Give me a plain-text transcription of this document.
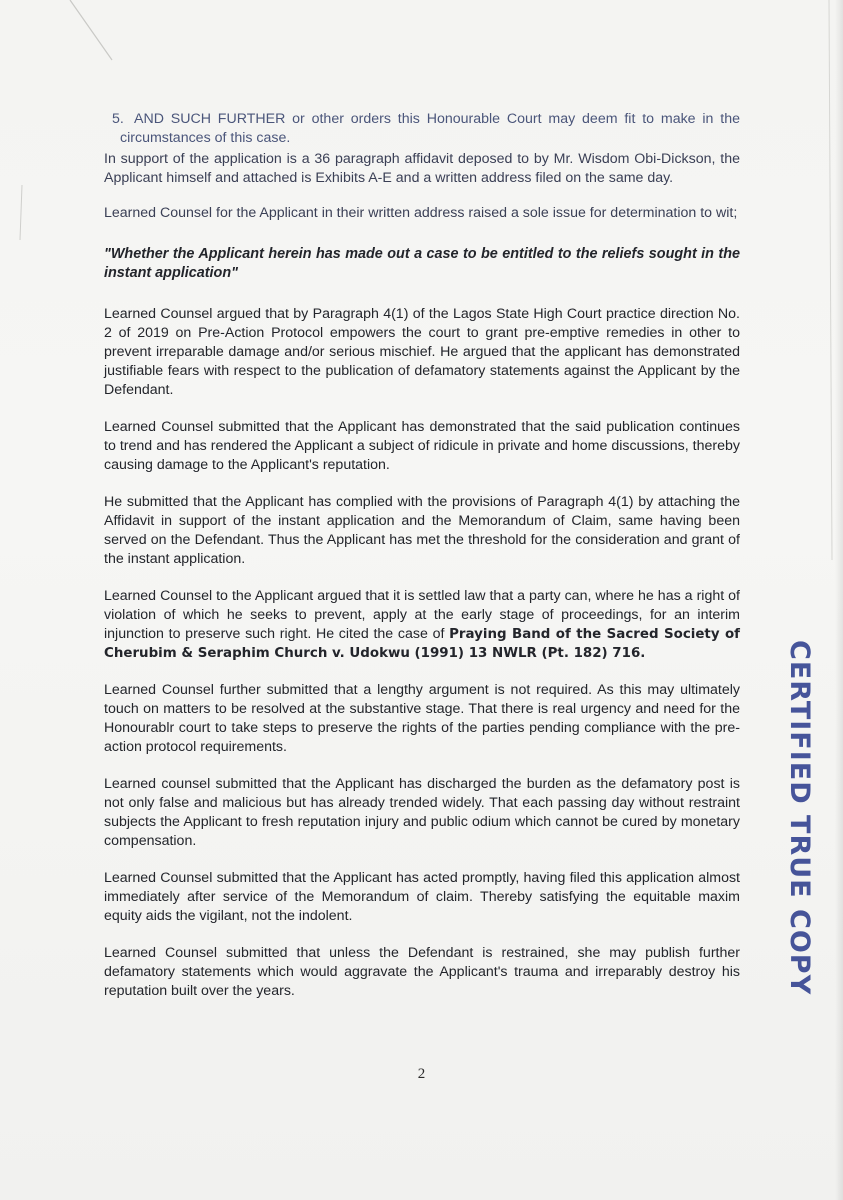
5. AND SUCH FURTHER or other orders this Honourable Court may deem fit to make in the circumstances of this case.

In support of the application is a 36 paragraph affidavit deposed to by Mr. Wisdom Obi-Dickson, the Applicant himself and attached is Exhibits A-E and a written address filed on the same day.

Learned Counsel for the Applicant in their written address raised a sole issue for determination to wit;

"Whether the Applicant herein has made out a case to be entitled to the reliefs sought in the instant application"

Learned Counsel argued that by Paragraph 4(1) of the Lagos State High Court practice direction No. 2 of 2019 on Pre-Action Protocol empowers the court to grant pre-emptive remedies in other to prevent irreparable damage and/or serious mischief. He argued that the applicant has demonstrated justifiable fears with respect to the publication of defamatory statements against the Applicant by the Defendant.

Learned Counsel submitted that the Applicant has demonstrated that the said publication continues to trend and has rendered the Applicant a subject of ridicule in private and home discussions, thereby causing damage to the Applicant's reputation.

He submitted that the Applicant has complied with the provisions of Paragraph 4(1) by attaching the Affidavit in support of the instant application and the Memorandum of Claim, same having been served on the Defendant. Thus the Applicant has met the threshold for the consideration and grant of the instant application.

Learned Counsel to the Applicant argued that it is settled law that a party can, where he has a right of violation of which he seeks to prevent, apply at the early stage of proceedings, for an interim injunction to preserve such right. He cited the case of Praying Band of the Sacred Society of Cherubim & Seraphim Church v. Udokwu (1991) 13 NWLR (Pt. 182) 716.

Learned Counsel further submitted that a lengthy argument is not required. As this may ultimately touch on matters to be resolved at the substantive stage. That there is real urgency and need for the Honourablr court to take steps to preserve the rights of the parties pending compliance with the pre-action protocol requirements.

Learned counsel submitted that the Applicant has discharged the burden as the defamatory post is not only false and malicious but has already trended widely. That each passing day without restraint subjects the Applicant to fresh reputation injury and public odium which cannot be cured by monetary compensation.

Learned Counsel submitted that the Applicant has acted promptly, having filed this application almost immediately after service of the Memorandum of claim. Thereby satisfying the equitable maxim equity aids the vigilant, not the indolent.

Learned Counsel submitted that unless the Defendant is restrained, she may publish further defamatory statements which would aggravate the Applicant's trauma and irreparably destroy his reputation built over the years.

2
CERTIFIED TRUE COPY
